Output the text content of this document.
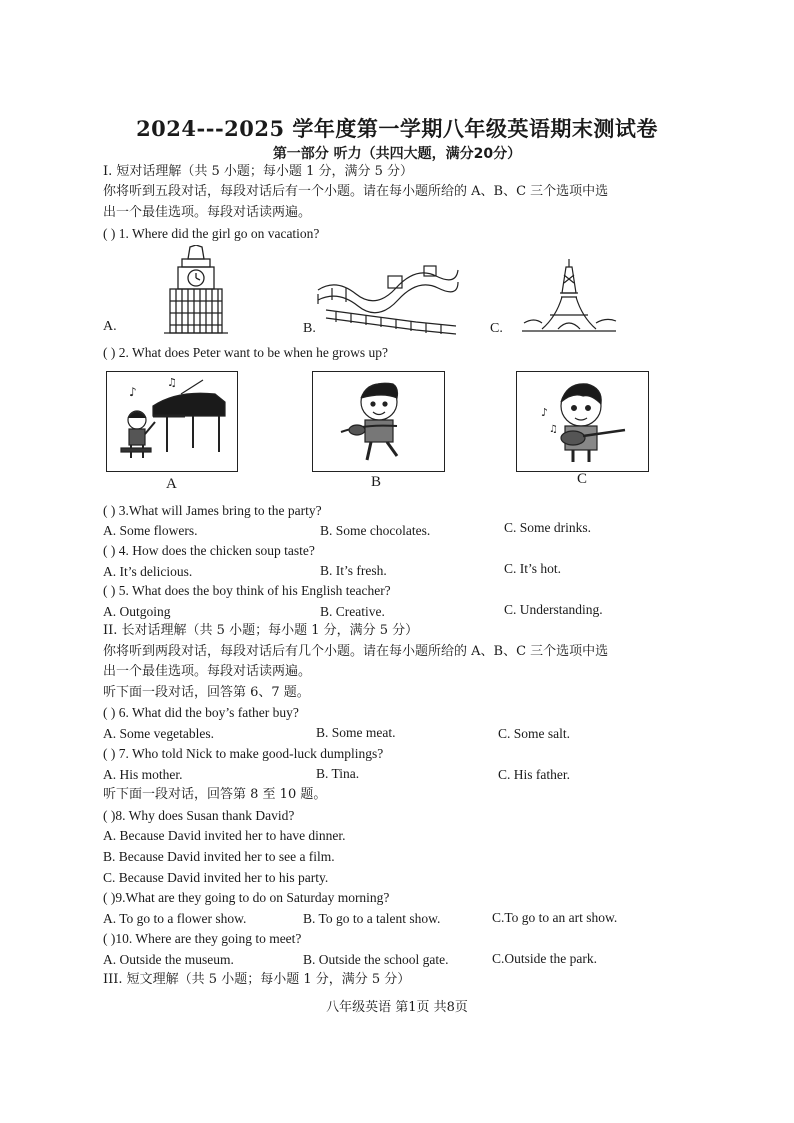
2024---2025 学年度第一学期八年级英语期末测试卷
第一部分 听力（共四大题，满分20分）
I. 短对话理解（共 5 小题；每小题 1 分，满分 5 分）
你将听到五段对话，每段对话后有一个小题。请在每小题所给的 A、B、C 三个选项中选
出一个最佳选项。每段对话读两遍。
( ) 1. Where did the girl go on vacation?
A.	B.	C.
( ) 2. What does Peter want to be when he grows up?
♪
♫
♪
♫
A	B	C
( ) 3.What will James bring to the party?
A. Some flowers.	B. Some chocolates.	C. Some drinks.
( ) 4. How does the chicken soup taste?
A. It’s delicious.	B. It’s fresh.	C. It’s hot.
( ) 5. What does the boy think of his English teacher?
A. Outgoing	B. Creative.	C. Understanding.
II. 长对话理解（共 5 小题；每小题 1 分，满分 5 分）
你将听到两段对话，每段对话后有几个小题。请在每小题所给的 A、B、C 三个选项中选
出一个最佳选项。每段对话读两遍。
听下面一段对话，回答第 6、7 题。
( ) 6. What did the boy’s father buy?
A. Some vegetables.	B. Some meat.	C. Some salt.
( ) 7. Who told Nick to make good-luck dumplings?
A. His mother.	B. Tina.	C. His father.
听下面一段对话，回答第 8 至 10 题。
( )8. Why does Susan thank David?
A. Because David invited her to have dinner.
B. Because David invited her to see a film.
C. Because David invited her to his party.
( )9.What are they going to do on Saturday morning?
A. To go to a flower show.	B. To go to a talent show.	C.To go to an art show.
( )10. Where are they going to meet?
A. Outside the museum.	B. Outside the school gate.	C.Outside the park.
III. 短文理解（共 5 小题；每小题 1 分，满分 5 分）
八年级英语 第1页 共8页
